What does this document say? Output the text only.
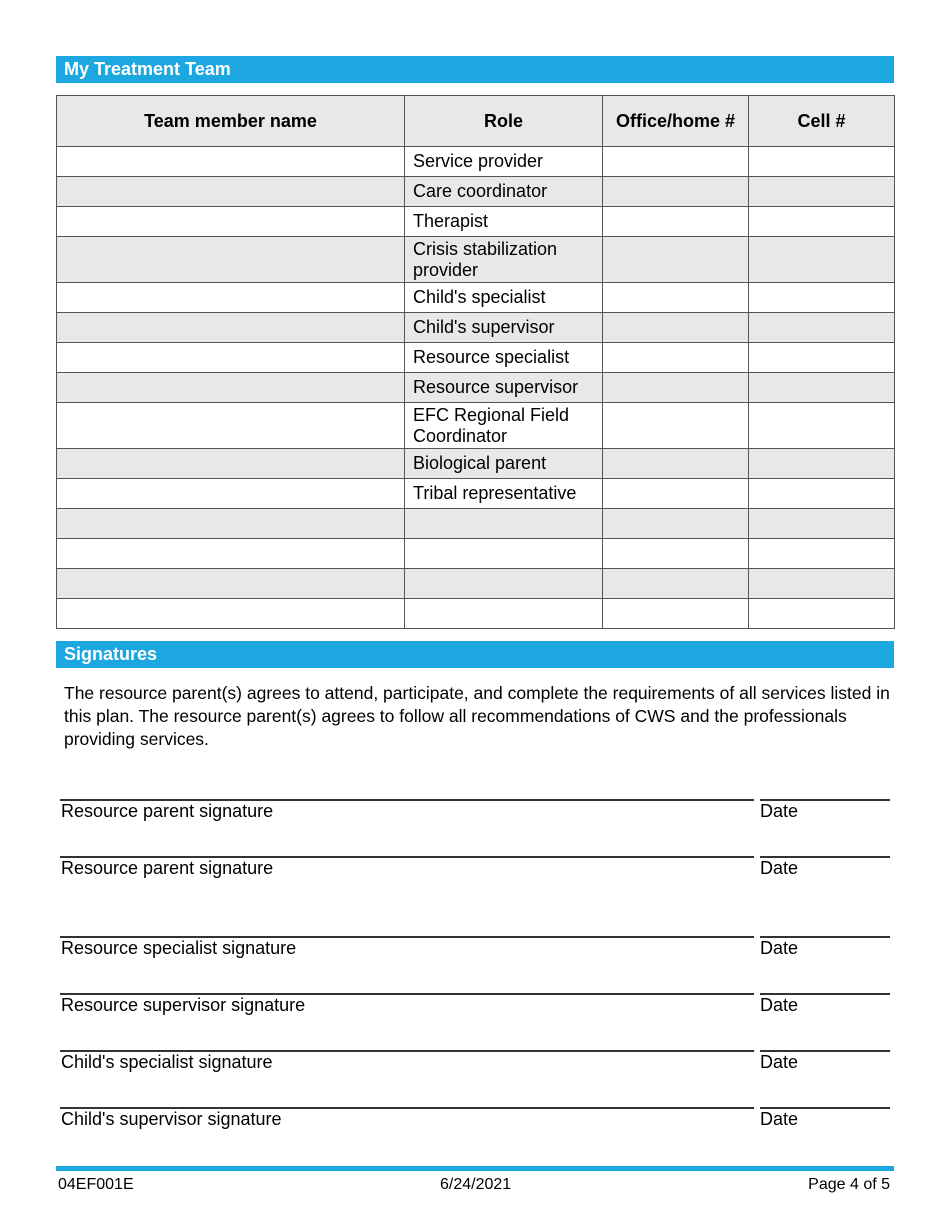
My Treatment Team
Team member name	Role	Office/home #	Cell #
	Service provider		
	Care coordinator		
	Therapist		
	Crisis stabilization provider		
	Child's specialist		
	Child's supervisor		
	Resource specialist		
	Resource supervisor		
	EFC Regional Field Coordinator		
	Biological parent		
	Tribal representative		

Signatures
The resource parent(s) agrees to attend, participate, and complete the requirements of all services listed in this plan. The resource parent(s) agrees to follow all recommendations of CWS and the professionals providing services.
Resource parent signature	Date
Resource parent signature	Date
Resource specialist signature	Date
Resource supervisor signature	Date
Child's specialist signature	Date
Child's supervisor signature	Date
04EF001E	6/24/2021	Page 4 of 5
